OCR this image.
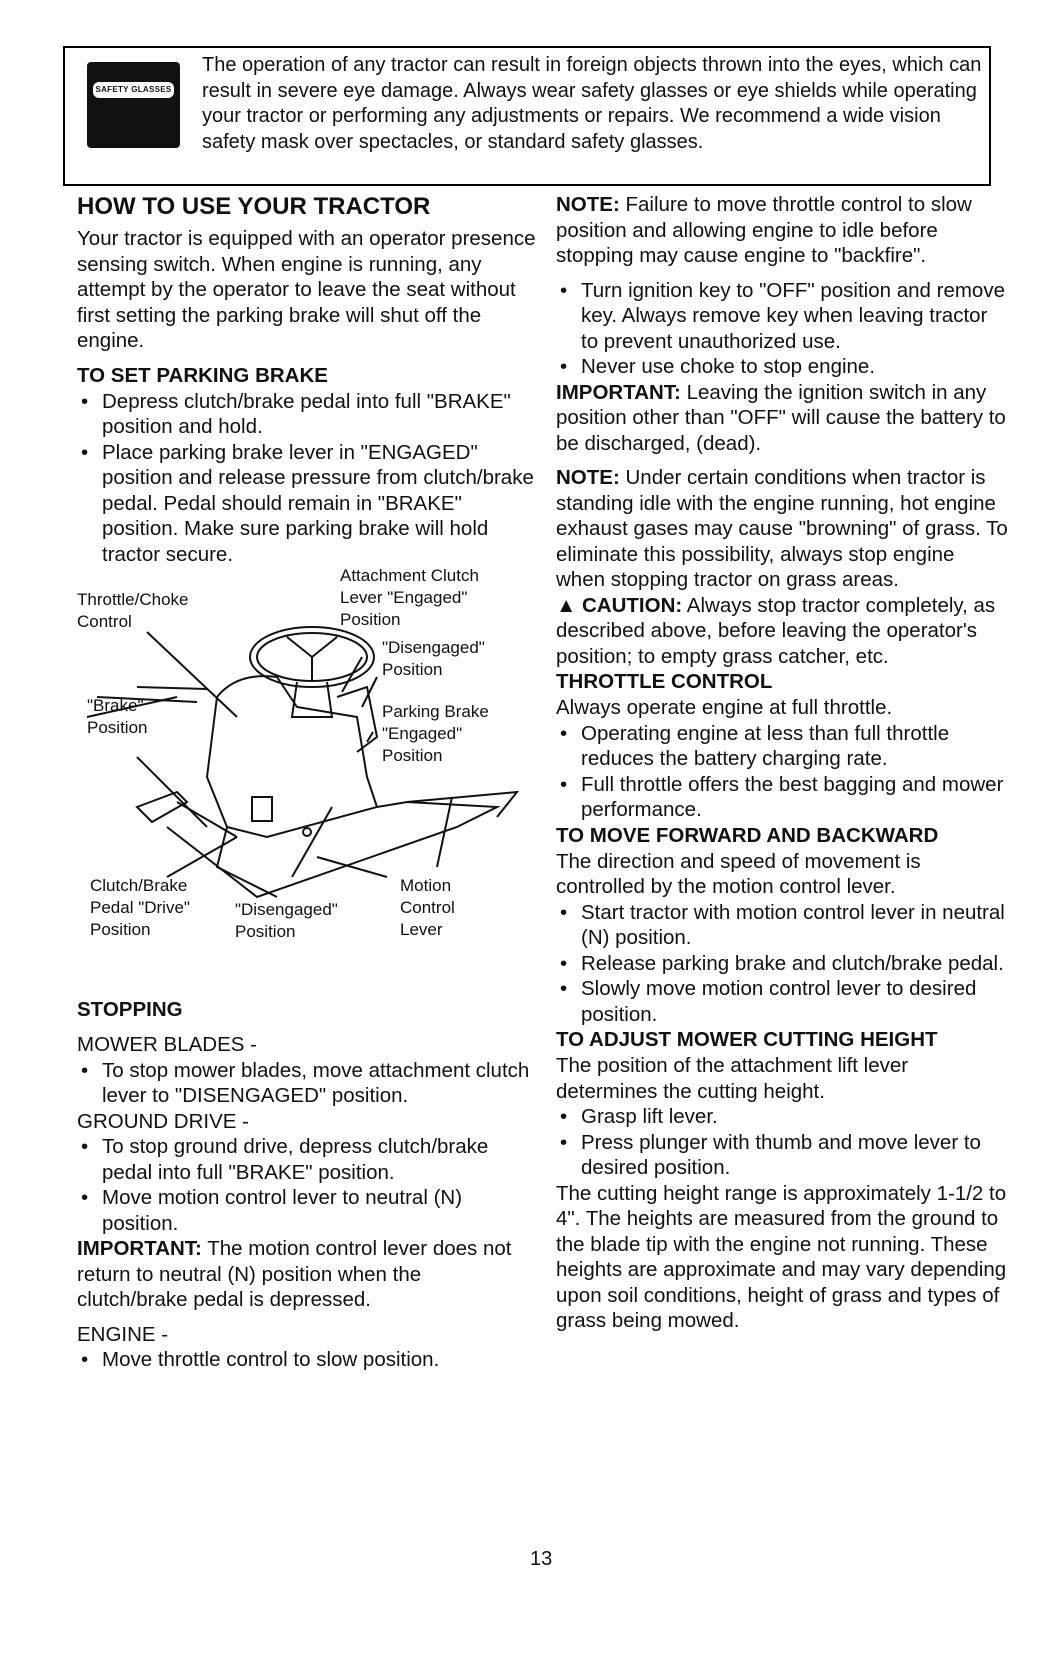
SAFETY GLASSES
The operation of any tractor can result in foreign objects thrown into the eyes, which can result in severe eye damage. Always wear safety glasses or eye shields while operating your tractor or performing any adjustments or repairs. We recommend a wide vision safety mask over spectacles, or standard safety glasses.
HOW TO USE YOUR TRACTOR

Your tractor is equipped with an operator presence sensing switch. When engine is running, any attempt by the operator to leave the seat without first setting the parking brake will shut off the engine.

TO SET PARKING BRAKE
• Depress clutch/brake pedal into full "BRAKE" position and hold.
• Place parking brake lever in "ENGAGED" position and release pressure from clutch/brake pedal. Pedal should remain in "BRAKE" position. Make sure parking brake will hold tractor secure.
Throttle/Choke
Control
Attachment Clutch
Lever "Engaged"
Position
"Disengaged"
Position
"Brake"
Position
Parking Brake
"Engaged"
Position
Clutch/Brake
Pedal "Drive"
Position
"Disengaged"
Position
Motion
Control
Lever
STOPPING

MOWER BLADES -

• To stop mower blades, move attachment clutch lever to "DISENGAGED" position.

GROUND DRIVE -

• To stop ground drive, depress clutch/brake pedal into full "BRAKE" position.
• Move motion control lever to neutral (N) position.

IMPORTANT: The motion control lever does not return to neutral (N) position when the clutch/brake pedal is depressed.

ENGINE -

• Move throttle control to slow position.

NOTE: Failure to move throttle control to slow position and allowing engine to idle before stopping may cause engine to "backfire".

• Turn ignition key to "OFF" position and remove key. Always remove key when leaving tractor to prevent unauthorized use.
• Never use choke to stop engine.

IMPORTANT: Leaving the ignition switch in any position other than "OFF" will cause the battery to be discharged, (dead).

NOTE: Under certain conditions when tractor is standing idle with the engine running, hot engine exhaust gases may cause "browning" of grass. To eliminate this possibility, always stop engine when stopping tractor on grass areas.

▲ CAUTION: Always stop tractor completely, as described above, before leaving the operator's position; to empty grass catcher, etc.

THROTTLE CONTROL

Always operate engine at full throttle.

• Operating engine at less than full throttle reduces the battery charging rate.
• Full throttle offers the best bagging and mower performance.
TO MOVE FORWARD AND BACKWARD

The direction and speed of movement is controlled by the motion control lever.

• Start tractor with motion control lever in neutral (N) position.
• Release parking brake and clutch/brake pedal.
• Slowly move motion control lever to desired position.
TO ADJUST MOWER CUTTING HEIGHT

The position of the attachment lift lever determines the cutting height.

• Grasp lift lever.
• Press plunger with thumb and move lever to desired position.

The cutting height range is approximately 1-1/2 to 4". The heights are measured from the ground to the blade tip with the engine not running. These heights are approximate and may vary depending upon soil conditions, height of grass and types of grass being mowed.

13
